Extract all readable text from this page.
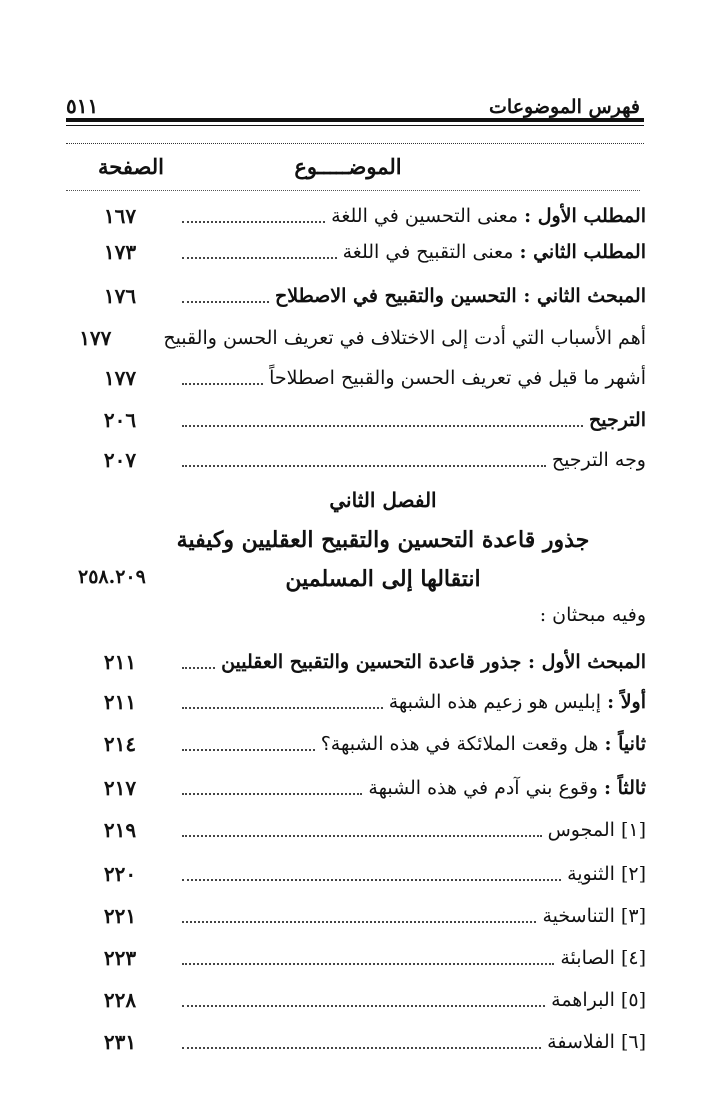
فهرس الموضوعات
٥١١
الموضـــــوع
الصفحة
المطلب الأول : معنى التحسين في اللغة
١٦٧
المطلب الثاني : معنى التقبيح في اللغة
١٧٣
المبحث الثاني : التحسين والتقبيح في الاصطلاح
١٧٦
أهم الأسباب التي أدت إلى الاختلاف في تعريف الحسن والقبيح
١٧٧
أشهر ما قيل في تعريف الحسن والقبيح اصطلاحاً
١٧٧
الترجيح
٢٠٦
وجه الترجيح
٢٠٧
الفصل الثاني
جذور قاعدة التحسين والتقبيح العقليين وكيفية
انتقالها إلى المسلمين
٢٥٨.٢٠٩
وفيه مبحثان :
المبحث الأول : جذور قاعدة التحسين والتقبيح العقليين
٢١١
أولاً : إبليس هو زعيم هذه الشبهة
٢١١
ثانياً : هل وقعت الملائكة في هذه الشبهة؟
٢١٤
ثالثاً : وقوع بني آدم في هذه الشبهة
٢١٧
[١] المجوس
٢١٩
[٢] الثنوية
٢٢٠
[٣] التناسخية
٢٢١
[٤] الصابئة
٢٢٣
[٥] البراهمة
٢٢٨
[٦] الفلاسفة
٢٣١
